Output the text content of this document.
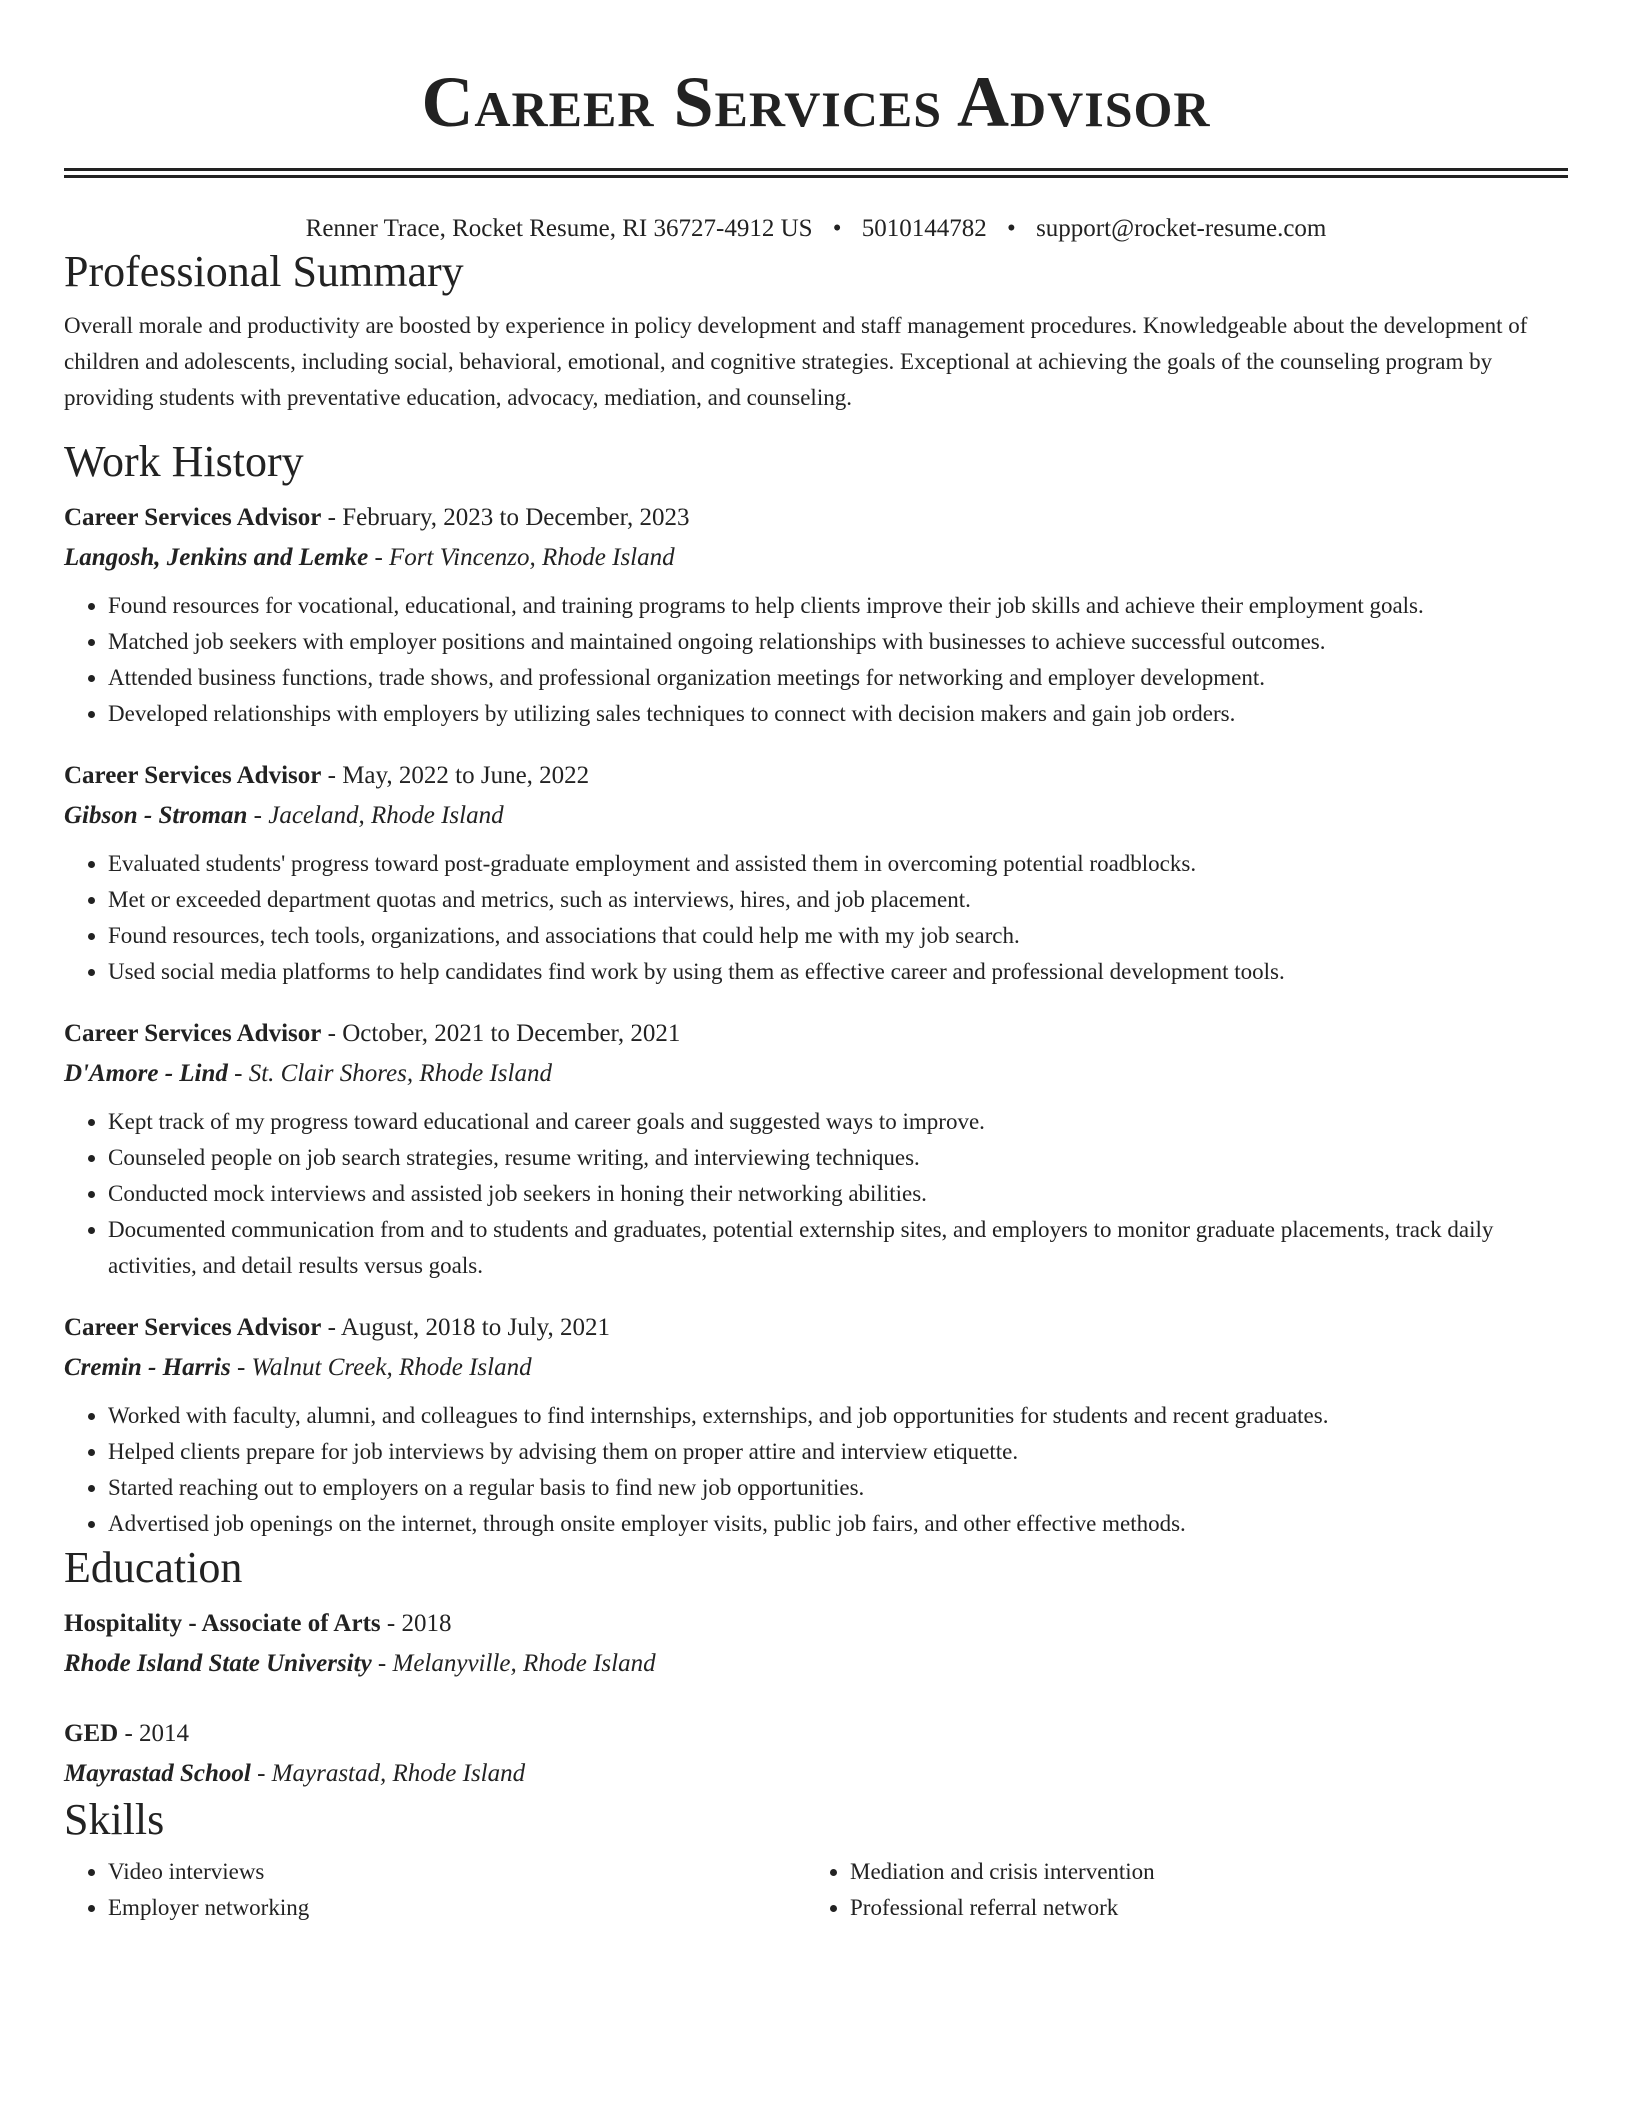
Career Services Advisor
Renner Trace, Rocket Resume, RI 36727-4912 US • 5010144782 • support@rocket-resume.com
Professional Summary
Overall morale and productivity are boosted by experience in policy development and staff management procedures. Knowledgeable about the development of children and adolescents, including social, behavioral, emotional, and cognitive strategies. Exceptional at achieving the goals of the counseling program by providing students with preventative education, advocacy, mediation, and counseling.
Work History
Career Services Advisor - February, 2023 to December, 2023
Langosh, Jenkins and Lemke - Fort Vincenzo, Rhode Island
• Found resources for vocational, educational, and training programs to help clients improve their job skills and achieve their employment goals.
• Matched job seekers with employer positions and maintained ongoing relationships with businesses to achieve successful outcomes.
• Attended business functions, trade shows, and professional organization meetings for networking and employer development.
• Developed relationships with employers by utilizing sales techniques to connect with decision makers and gain job orders.
Career Services Advisor - May, 2022 to June, 2022
Gibson - Stroman - Jaceland, Rhode Island
• Evaluated students' progress toward post-graduate employment and assisted them in overcoming potential roadblocks.
• Met or exceeded department quotas and metrics, such as interviews, hires, and job placement.
• Found resources, tech tools, organizations, and associations that could help me with my job search.
• Used social media platforms to help candidates find work by using them as effective career and professional development tools.
Career Services Advisor - October, 2021 to December, 2021
D'Amore - Lind - St. Clair Shores, Rhode Island
• Kept track of my progress toward educational and career goals and suggested ways to improve.
• Counseled people on job search strategies, resume writing, and interviewing techniques.
• Conducted mock interviews and assisted job seekers in honing their networking abilities.
• Documented communication from and to students and graduates, potential externship sites, and employers to monitor graduate placements, track daily activities, and detail results versus goals.
Career Services Advisor - August, 2018 to July, 2021
Cremin - Harris - Walnut Creek, Rhode Island
• Worked with faculty, alumni, and colleagues to find internships, externships, and job opportunities for students and recent graduates.
• Helped clients prepare for job interviews by advising them on proper attire and interview etiquette.
• Started reaching out to employers on a regular basis to find new job opportunities.
• Advertised job openings on the internet, through onsite employer visits, public job fairs, and other effective methods.
Education
Hospitality - Associate of Arts - 2018
Rhode Island State University - Melanyville, Rhode Island
GED - 2014
Mayrastad School - Mayrastad, Rhode Island
Skills
• Video interviews
• Employer networking
• Mediation and crisis intervention
• Professional referral network
